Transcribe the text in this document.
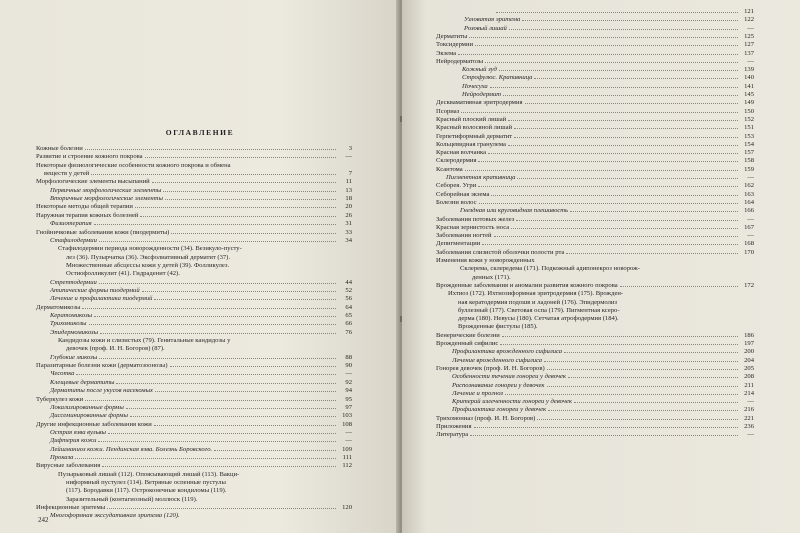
ОГЛАВЛЕНИЕ
Кожные болезни	3
Развитие и строение кожного покрова	—
Некоторые физиологические особенности кожного покрова и обмена
веществ у детей	7
Морфологические элементы высыпаний	11
Первичные морфологические элементы	13
Вторичные морфологические элементы	18
Некоторые методы общей терапии	20
Наружная терапия кожных болезней	26
Физиотерапия	31
Гнойничковые заболевания кожи (пиодермиты)	33
Стафилодермии	34
Стафилодермии периода новорожденности (34). Везикуло-пусту-
лез (36). Пузырчатка (36). Эксфолиативный дерматит (37).
Множественные абсцессы кожи у детей (39). Фолликулез.
Остиофолликулит (41). Гидраденит (42).
Стрептодермии	44
Атипические формы пиодермий	52
Лечение и профилактика пиодермий	56
Дерматомикозы	64
Кератомикозы	65
Трихомикозы	66
Эпидермомикозы	76
Кандидозы кожи и слизистых (79). Генитальные кандидозы у
девочек (проф. И. Н. Богоров) (87).
Глубокие микозы	88
Паразитарные болезни кожи (дерматозоонозы)	90
Чесотка	—
Клещевые дерматиты	92
Дерматиты после укусов насекомых	94
Туберкулез кожи	95
Локализированные формы	97
Диссеминированные формы	103
Другие инфекционные заболевания кожи	108
Острая язва вульвы	—
Дифтерия кожи	—
Лейшманиоз кожи. Пендинская язва. Болезнь Боровского.	109
Проказа	111
Вирусные заболевания	112
Пузырьковый лишай (112). Опоясывающий лишай (113). Вакци-
ниформный пустулез (114). Ветряные оспенные пустулы
(117). Бородавки (117). Остроконечные кондиломы (119).
Заразительный (контагиозный) моллюск (119).
Инфекционные эритемы	120
Многоформная экссудативная эритема (120).
242
121
Узловатая эритема	122
Розовый лишай	—
Дерматиты	125
Токсидермии	127
Экзема	137
Нейродерматозы	—
Кожный зуд	139
Строфулюс. Крапивница	140
Почесуха	141
Нейродермит	145
Десквамативная эритродермия	149
Псориаз	150
Красный плоский лишай	152
Красный волосяной лишай	151
Герпетиформный дерматит	153
Кольцевидная гранулема	154
Красная волчанка	157
Склеродермия	158
Ксантома	159
Пигментная крапивница	—
Себорея. Угри	162
Себорейная экзема	163
Болезни волос	164
Гнездная или круговидная плешивость	166
Заболевания потовых желез	—
Красная зернистость носа	167
Заболевания ногтей	—
Депигментации	168
Заболевания слизистой оболочки полости рта	170
Изменения кожи у новорожденных
Склерема, склередема (171). Подкожный адипонекроз новорож-
денных (171).
Врожденные заболевания и аномалии развития кожного покрова	172
Ихтиоз (172). Ихтиозиформная эритродермия (175). Врожден-
ная кератодермия подошв и ладоней (176). Эпидермолиз
буллезный (177). Световая оспа (179). Пигментная ксеро-
дерма (180). Невусы (180). Сетчатая атрофодермия (184).
Врожденные фистулы (185).
Венерические болезни	186
Врожденный сифилис	197
Профилактика врожденного сифилиса	200
Лечение врожденного сифилиса	204
Гонорея девочек (проф. И. Н. Богоров)	205
Особенности течения гонореи у девочек	208
Распознавание гонореи у девочек	211
Лечение и прогноз	214
Критерий излеченности гонореи у девочек	—
Профилактика гонореи у девочек	216
Трихомониаз (проф. И. Н. Богоров)	221
Приложения	236
Литература	—
